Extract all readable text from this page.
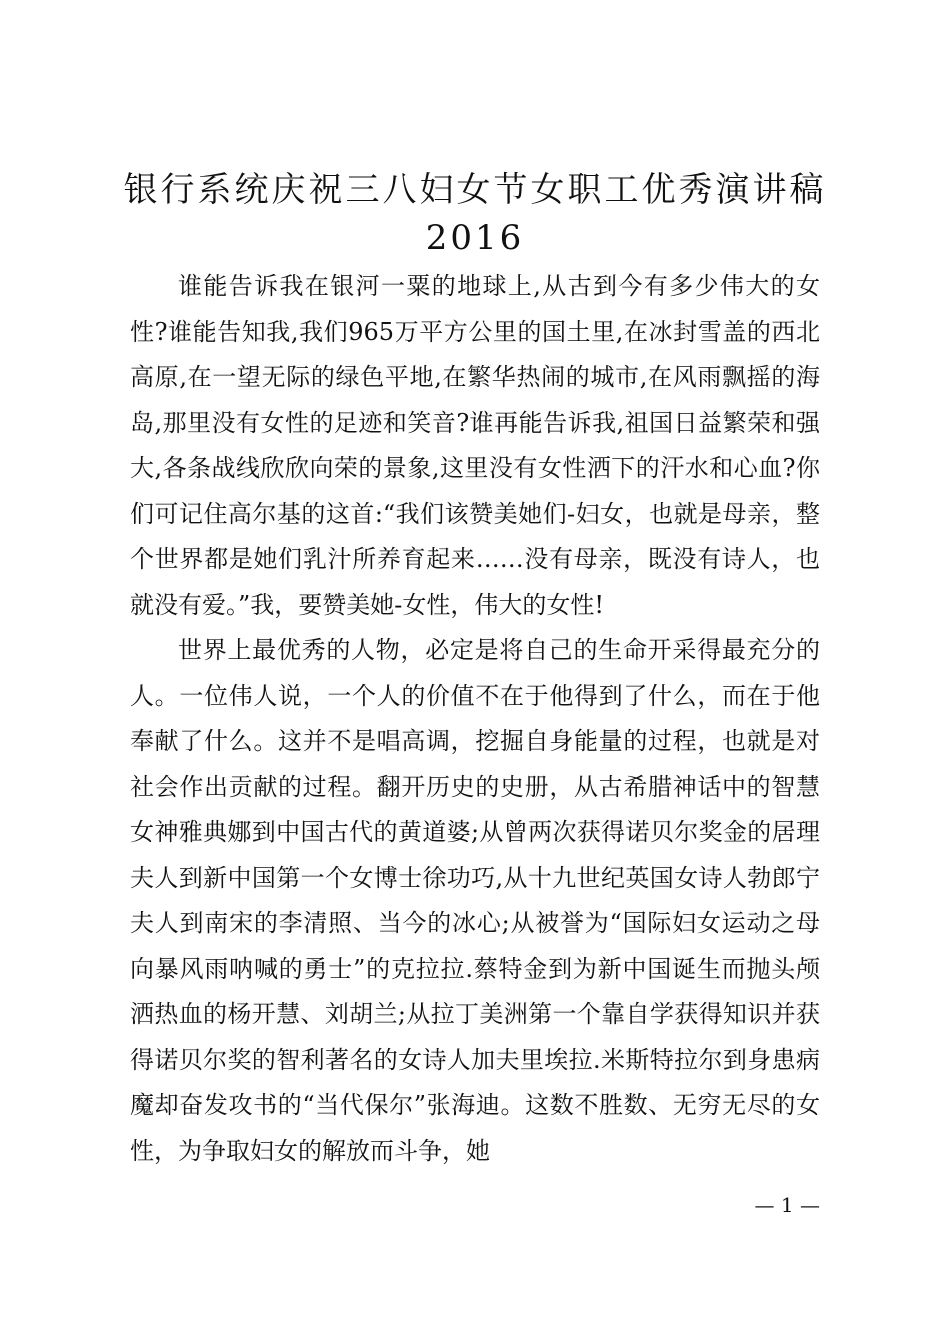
银行系统庆祝三八妇女节女职工优秀演讲稿
2016

谁能告诉我在银河一粟的地球上,从古到今有多少伟大的女性?谁能告知我,我们965万平方公里的国土里,在冰封雪盖的西北高原,在一望无际的绿色平地,在繁华热闹的城市,在风雨飘摇的海岛,那里没有女性的足迹和笑音?谁再能告诉我,祖国日益繁荣和强大,各条战线欣欣向荣的景象,这里没有女性洒下的汗水和心血?你们可记住高尔基的这首:“我们该赞美她们-妇女，也就是母亲，整个世界都是她们乳汁所养育起来……没有母亲，既没有诗人，也就没有爱。”我，要赞美她-女性，伟大的女性!

世界上最优秀的人物，必定是将自己的生命开采得最充分的人。一位伟人说，一个人的价值不在于他得到了什么，而在于他奉献了什么。这并不是唱高调，挖掘自身能量的过程，也就是对社会作出贡献的过程。翻开历史的史册，从古希腊神话中的智慧女神雅典娜到中国古代的黄道婆;从曾两次获得诺贝尔奖金的居理夫人到新中国第一个女博士徐功巧,从十九世纪英国女诗人勃郎宁夫人到南宋的李清照、当今的冰心;从被誉为“国际妇女运动之母向暴风雨呐喊的勇士”的克拉拉.蔡特金到为新中国诞生而抛头颅洒热血的杨开慧、刘胡兰;从拉丁美洲第一个靠自学获得知识并获得诺贝尔奖的智利著名的女诗人加夫里埃拉.米斯特拉尔到身患病魔却奋发攻书的“当代保尔”张海迪。这数不胜数、无穷无尽的女性，为争取妇女的解放而斗争，她

— 1 —
